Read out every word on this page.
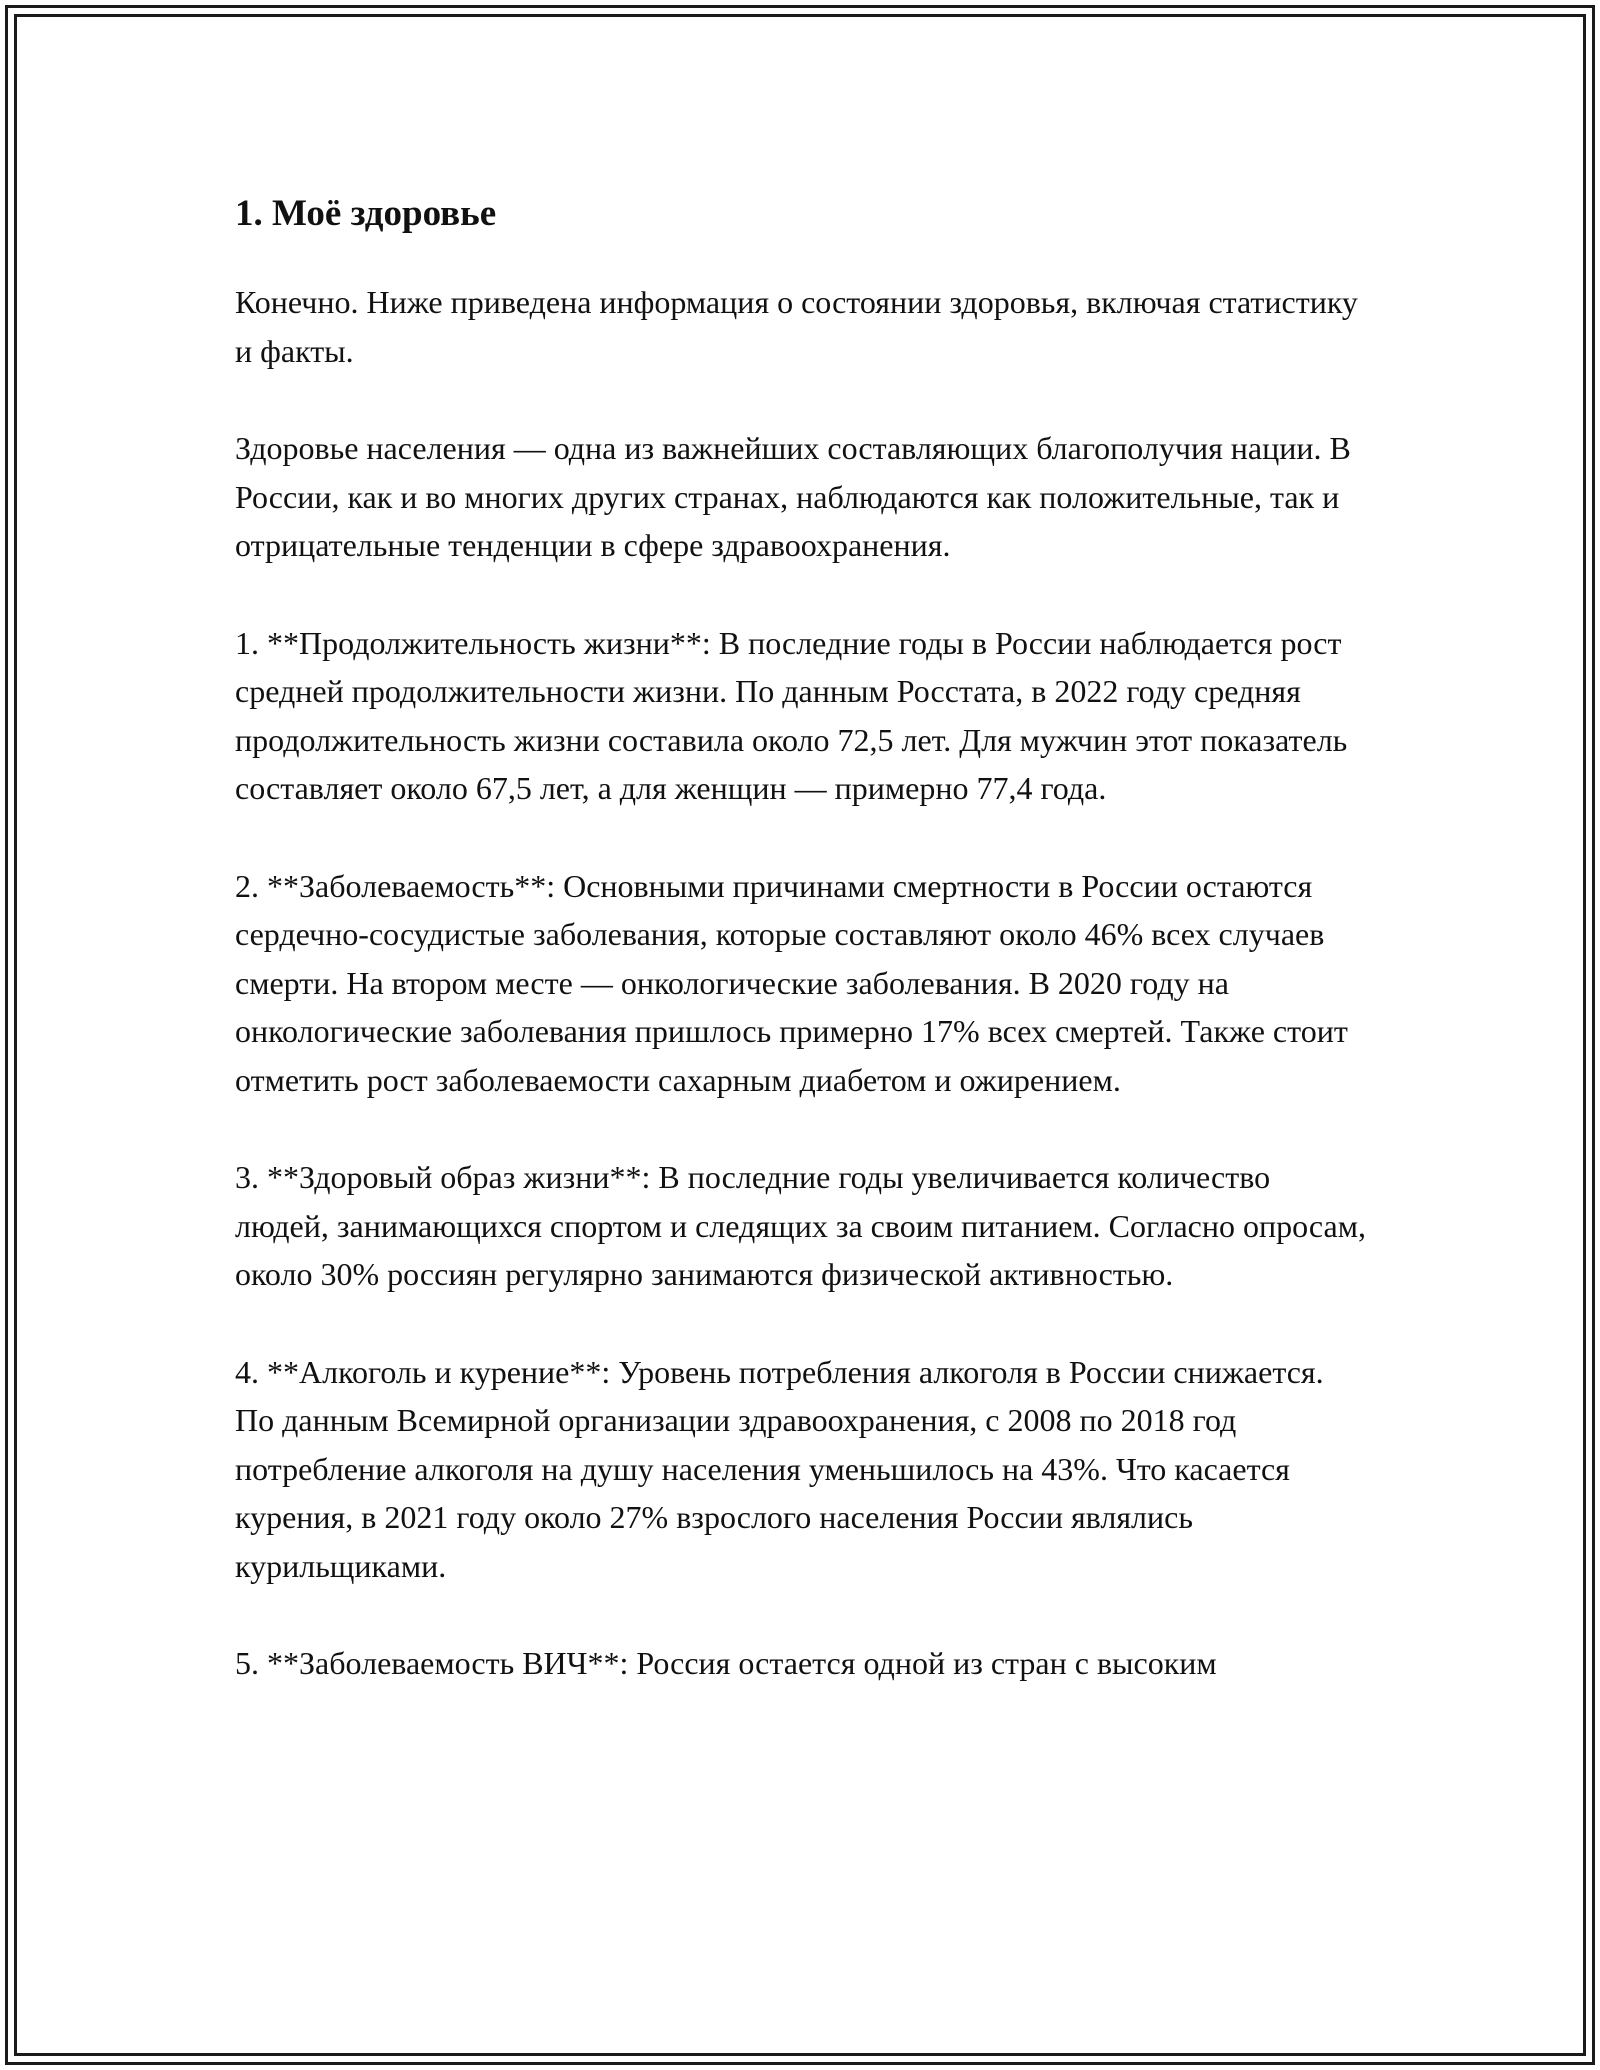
1. Моё здоровье

Конечно. Ниже приведена информация о состоянии здоровья, включая статистику и факты.

Здоровье населения — одна из важнейших составляющих благополучия нации. В России, как и во многих других странах, наблюдаются как положительные, так и отрицательные тенденции в сфере здравоохранения.

1. **Продолжительность жизни**: В последние годы в России наблюдается рост средней продолжительности жизни. По данным Росстата, в 2022 году средняя продолжительность жизни составила около 72,5 лет. Для мужчин этот показатель составляет около 67,5 лет, а для женщин — примерно 77,4 года.

2. **Заболеваемость**: Основными причинами смертности в России остаются сердечно-сосудистые заболевания, которые составляют около 46% всех случаев смерти. На втором месте — онкологические заболевания. В 2020 году на онкологические заболевания пришлось примерно 17% всех смертей. Также стоит отметить рост заболеваемости сахарным диабетом и ожирением.

3. **Здоровый образ жизни**: В последние годы увеличивается количество людей, занимающихся спортом и следящих за своим питанием. Согласно опросам, около 30% россиян регулярно занимаются физической активностью.

4. **Алкоголь и курение**: Уровень потребления алкоголя в России снижается. По данным Всемирной организации здравоохранения, с 2008 по 2018 год потребление алкоголя на душу населения уменьшилось на 43%. Что касается курения, в 2021 году около 27% взрослого населения России являлись курильщиками.

5. **Заболеваемость ВИЧ**: Россия остается одной из стран с высоким
